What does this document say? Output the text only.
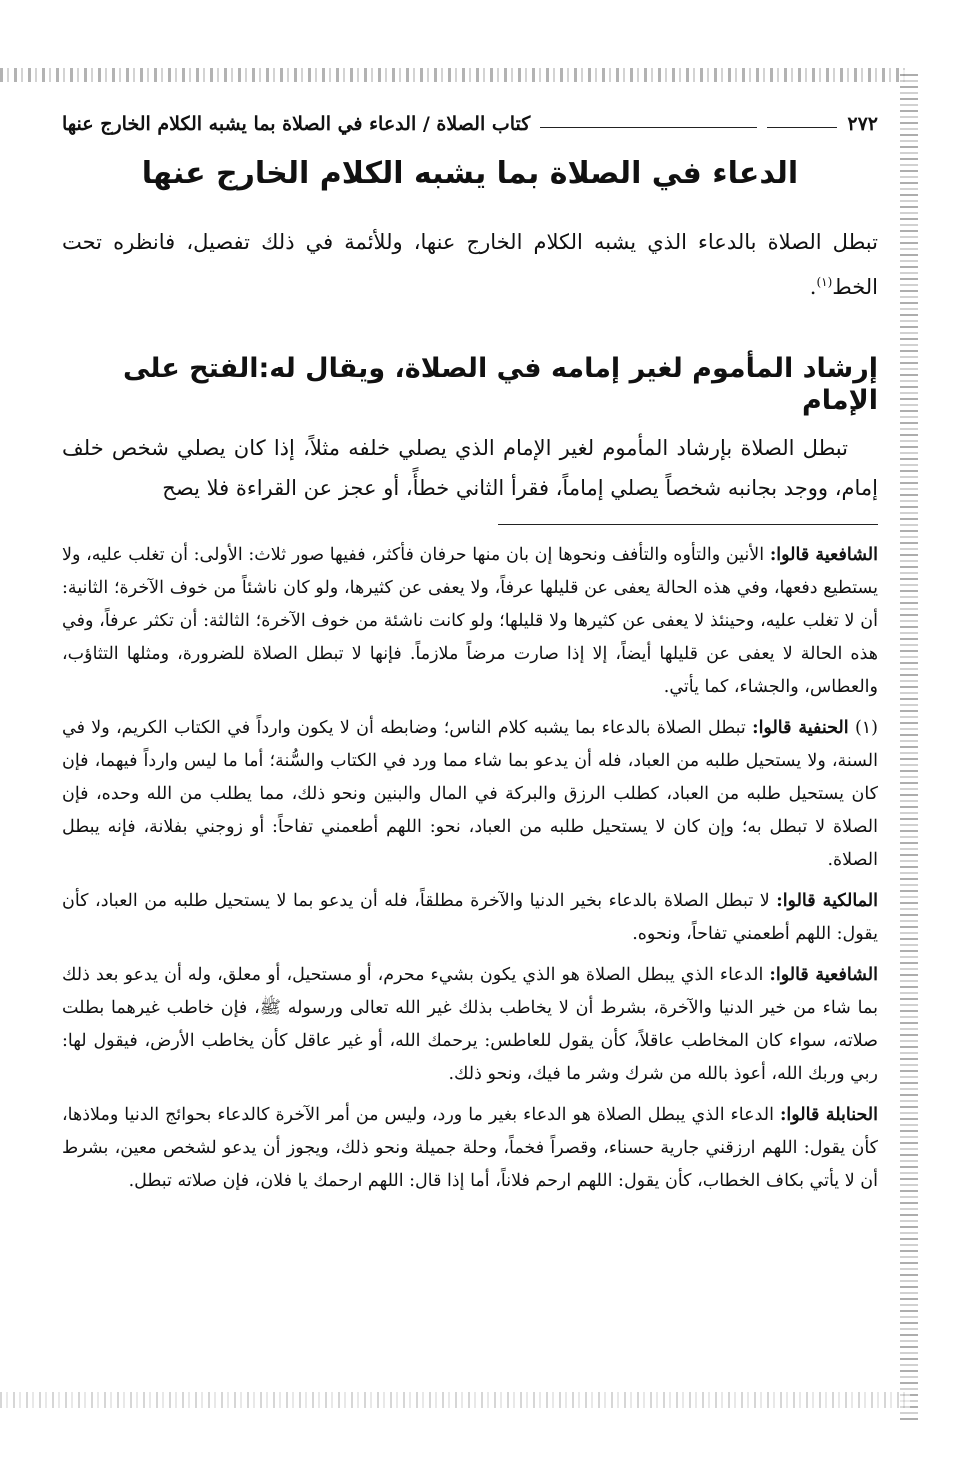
٢٧٢
كتاب الصلاة / الدعاء في الصلاة بما يشبه الكلام الخارج عنها
الدعاء في الصلاة بما يشبه الكلام الخارج عنها

تبطل الصلاة بالدعاء الذي يشبه الكلام الخارج عنها، وللأئمة في ذلك تفصيل، فانظره تحت الخط$^{(١)}$.

إرشاد المأموم لغير إمامه في الصلاة، ويقال له:الفتح على الإمام

تبطل الصلاة بإرشاد المأموم لغير الإمام الذي يصلي خلفه مثلاً، إذا كان يصلي شخص خلف إمام، ووجد بجانبه شخصاً يصلي إماماً، فقرأ الثاني خطأً، أو عجز عن القراءة فلا يصح

الشافعية قالوا: الأنين والتأوه والتأفف ونحوها إن بان منها حرفان فأكثر، ففيها صور ثلاث: الأولى: أن تغلب عليه، ولا يستطيع دفعها، وفي هذه الحالة يعفى عن قليلها عرفاً، ولا يعفى عن كثيرها، ولو كان ناشئاً من خوف الآخرة؛ الثانية: أن لا تغلب عليه، وحينئذ لا يعفى عن كثيرها ولا قليلها؛ ولو كانت ناشئة من خوف الآخرة؛ الثالثة: أن تكثر عرفاً، وفي هذه الحالة لا يعفى عن قليلها أيضاً، إلا إذا صارت مرضاً ملازماً. فإنها لا تبطل الصلاة للضرورة، ومثلها التثاؤب، والعطاس، والجشاء، كما يأتي.

(١) الحنفية قالوا: تبطل الصلاة بالدعاء بما يشبه كلام الناس؛ وضابطه أن لا يكون وارداً في الكتاب الكريم، ولا في السنة، ولا يستحيل طلبه من العباد، فله أن يدعو بما شاء مما ورد في الكتاب والسُّنة؛ أما ما ليس وارداً فيهما، فإن كان يستحيل طلبه من العباد، كطلب الرزق والبركة في المال والبنين ونحو ذلك، مما يطلب من الله وحده، فإن الصلاة لا تبطل به؛ وإن كان لا يستحيل طلبه من العباد، نحو: اللهم أطعمني تفاحاً: أو زوجني بفلانة، فإنه يبطل الصلاة.

المالكية قالوا: لا تبطل الصلاة بالدعاء بخير الدنيا والآخرة مطلقاً، فله أن يدعو بما لا يستحيل طلبه من العباد، كأن يقول: اللهم أطعمني تفاحاً، ونحوه.

الشافعية قالوا: الدعاء الذي يبطل الصلاة هو الذي يكون بشيء محرم، أو مستحيل، أو معلق، وله أن يدعو بعد ذلك بما شاء من خير الدنيا والآخرة، بشرط أن لا يخاطب بذلك غير الله تعالى ورسوله ﷺ، فإن خاطب غيرهما بطلت صلاته، سواء كان المخاطب عاقلاً، كأن يقول للعاطس: يرحمك الله، أو غير عاقل كأن يخاطب الأرض، فيقول لها: ربي وربك الله، أعوذ بالله من شرك وشر ما فيك، ونحو ذلك.

الحنابلة قالوا: الدعاء الذي يبطل الصلاة هو الدعاء بغير ما ورد، وليس من أمر الآخرة كالدعاء بحوائج الدنيا وملاذها، كأن يقول: اللهم ارزقني جارية حسناء، وقصراً فخماً، وحلة جميلة ونحو ذلك، ويجوز أن يدعو لشخص معين، بشرط أن لا يأتي بكاف الخطاب، كأن يقول: اللهم ارحم فلاناً، أما إذا قال: اللهم ارحمك يا فلان، فإن صلاته تبطل.
